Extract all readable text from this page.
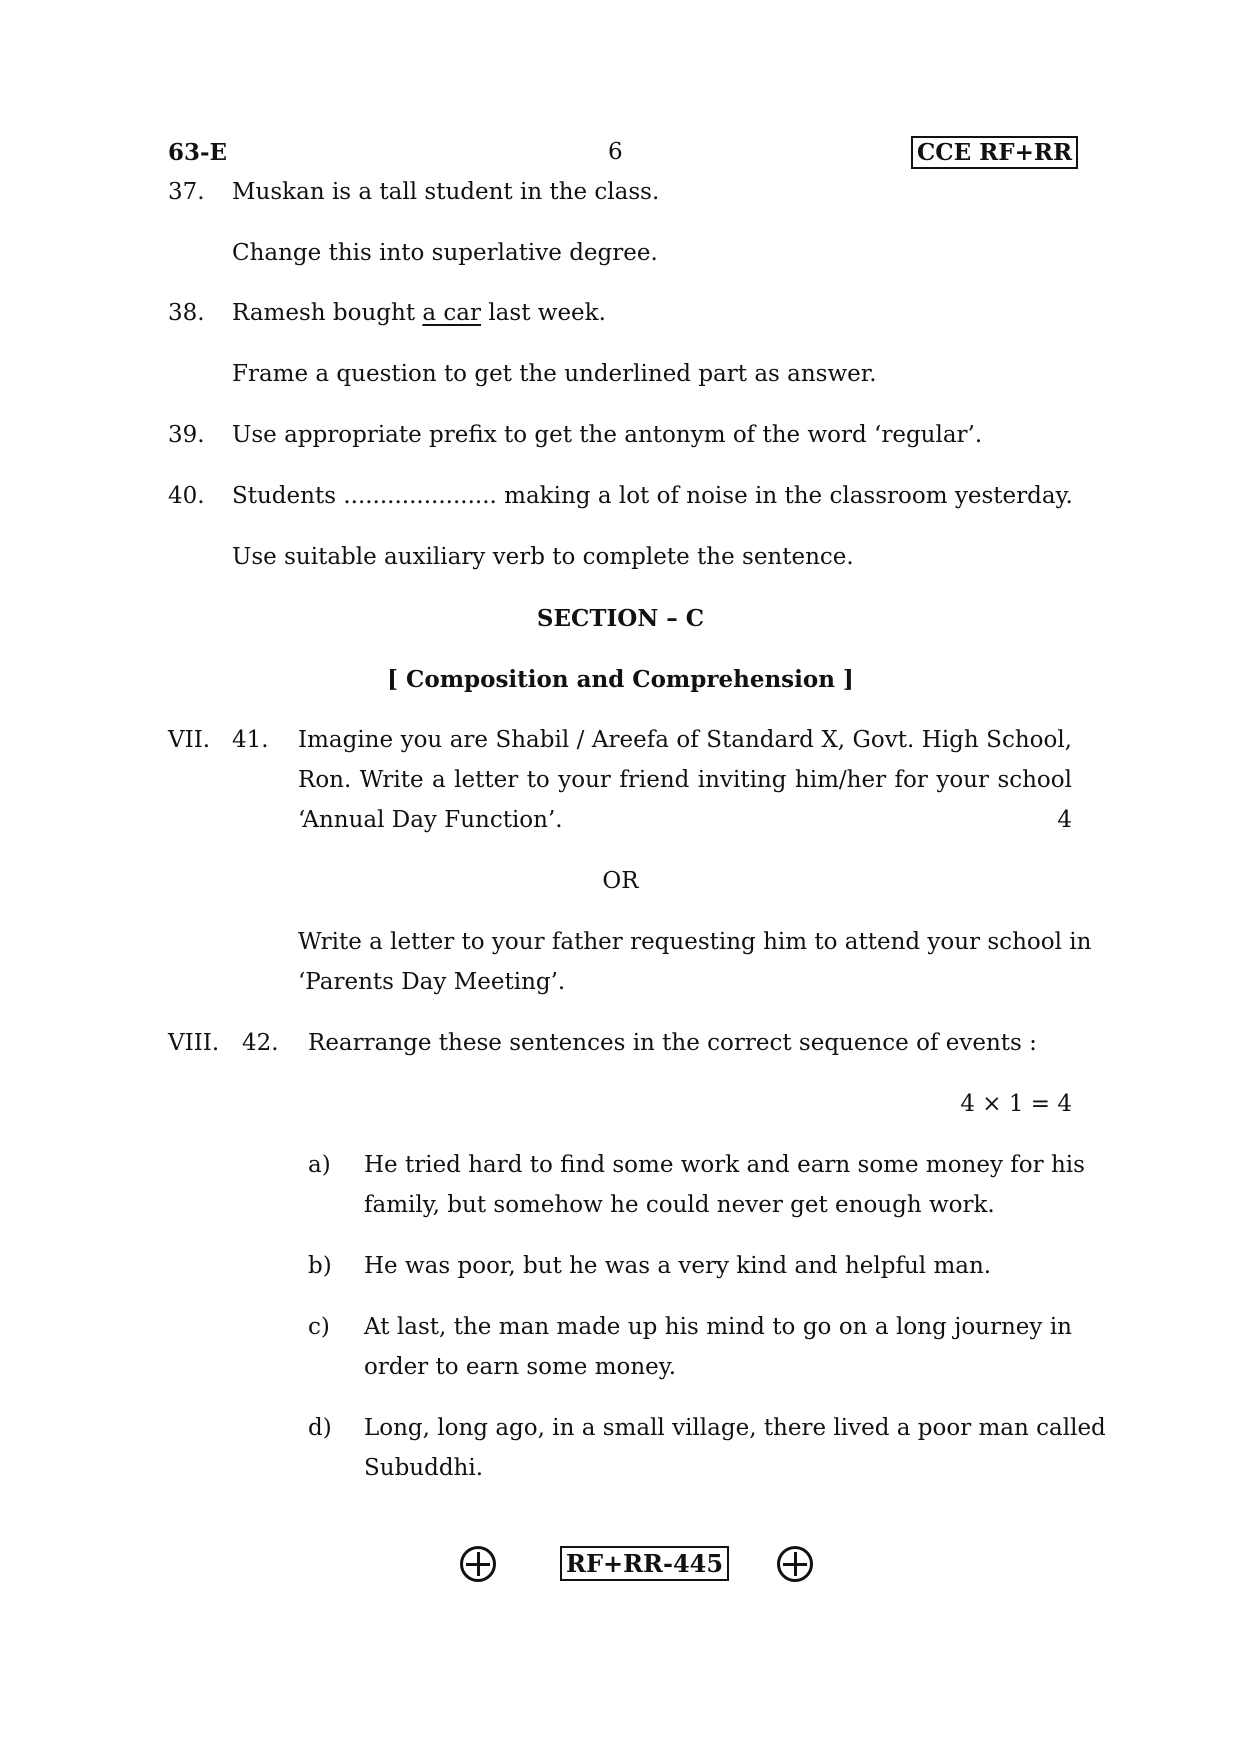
63-E	6	CCE RF+RR
37. Muskan is a tall student in the class.
Change this into superlative degree.
38. Ramesh bought a car last week.
Frame a question to get the underlined part as answer.
39. Use appropriate prefix to get the antonym of the word ‘regular’.
40. Students ..................... making a lot of noise in the classroom yesterday.
Use suitable auxiliary verb to complete the sentence.
SECTION – C
[ Composition and Comprehension ]
VII. 41. Imagine you are Shabil / Areefa of Standard X, Govt. High School,
Ron. Write a letter to your friend inviting him/her for your school
‘Annual Day Function’.	4
OR
Write a letter to your father requesting him to attend your school in
‘Parents Day Meeting’.
VIII. 42. Rearrange these sentences in the correct sequence of events :
4 × 1 = 4
a) He tried hard to find some work and earn some money for his
family, but somehow he could never get enough work.
b) He was poor, but he was a very kind and helpful man.
c) At last, the man made up his mind to go on a long journey in
order to earn some money.
d) Long, long ago, in a small village, there lived a poor man called
Subuddhi.
RF+RR-445
